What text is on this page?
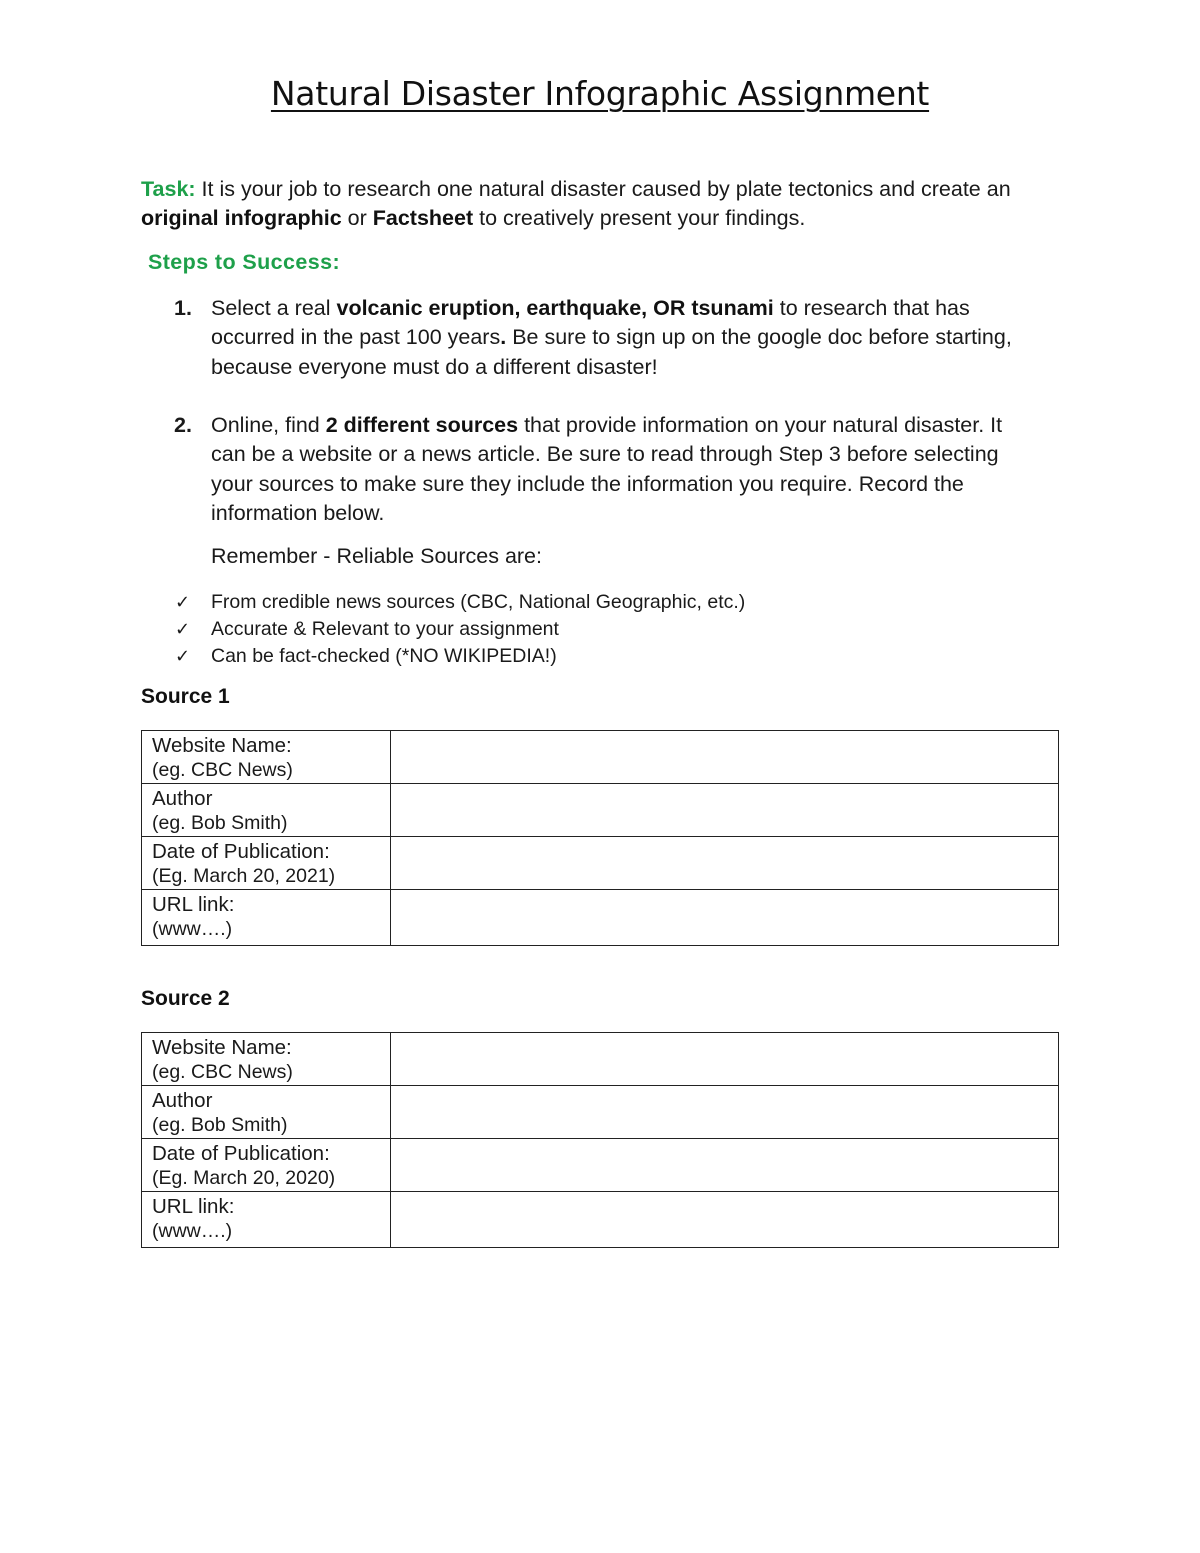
Natural Disaster Infographic Assignment
Task: It is your job to research one natural disaster caused by plate tectonics and create an original infographic or Factsheet to creatively present your findings.
Steps to Success:
1. Select a real volcanic eruption, earthquake, OR tsunami to research that has occurred in the past 100 years. Be sure to sign up on the google doc before starting, because everyone must do a different disaster!
2. Online, find 2 different sources that provide information on your natural disaster. It can be a website or a news article. Be sure to read through Step 3 before selecting your sources to make sure they include the information you require. Record the information below.
Remember - Reliable Sources are:
✓ From credible news sources (CBC, National Geographic, etc.)
✓ Accurate & Relevant to your assignment
✓ Can be fact-checked (*NO WIKIPEDIA!)
Source 1
Website Name:
(eg. CBC News)	

Author
(eg. Bob Smith)	

Date of Publication:
(Eg. March 20, 2021)	

URL link:
(www….)	

Source 2
Website Name:
(eg. CBC News)	

Author
(eg. Bob Smith)	

Date of Publication:
(Eg. March 20, 2020)	

URL link:
(www….)	
